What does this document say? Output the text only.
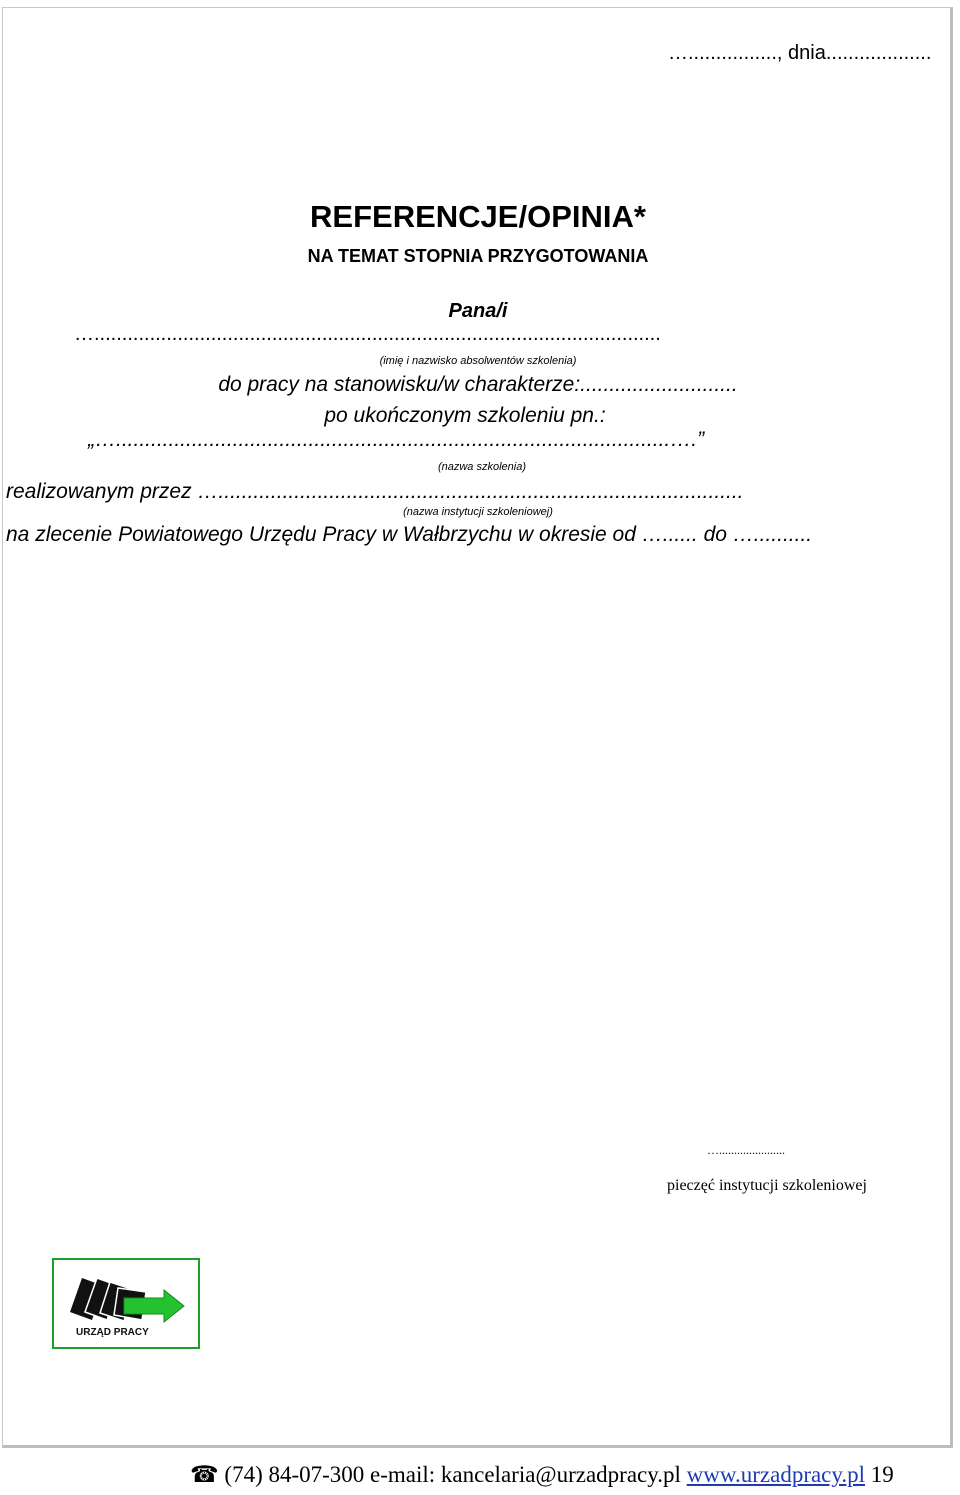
…................, dnia...................
REFERENCJE/OPINIA*
NA TEMAT STOPNIA PRZYGOTOWANIA
Pana/i
…......................................................................................................
(imię i nazwisko absolwentów szkolenia)
do pracy na stanowisku/w charakterze:...........................
po ukończonym szkoleniu pn.:
„…...............................................................................................….”
(nazwa szkolenia)
realizowanym przez …..........................................................................................
(nazwa instytucji szkoleniowej)
na zlecenie Powiatowego Urzędu Pracy w Wałbrzychu w okresie od …...... do …..........
…......................
pieczęć instytucji szkoleniowej
URZĄD PRACY
☎ (74) 84-07-300 e-mail: kancelaria@urzadpracy.pl www.urzadpracy.pl 19
